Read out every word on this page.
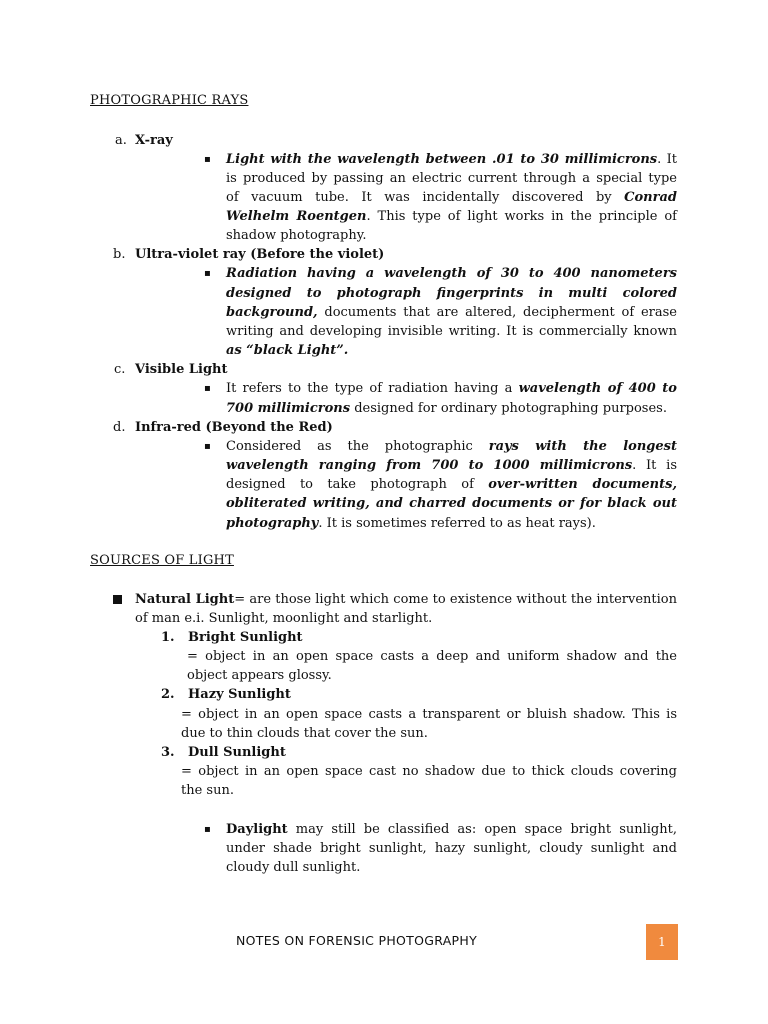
PHOTOGRAPHIC RAYS
a. X-ray
▪ Light with the wavelength between .01 to 30 millimicrons. It
is produced by passing an electric current through a special type
of vacuum tube. It was incidentally discovered by Conrad
Welhelm Roentgen. This type of light works in the principle of
shadow photography.
b. Ultra-violet ray (Before the violet)
▪ Radiation having a wavelength of 30 to 400 nanometers
designed to photograph fingerprints in multi colored
background, documents that are altered, decipherment of erase
writing and developing invisible writing. It is commercially known
as “black Light”.
c. Visible Light
▪ It refers to the type of radiation having a wavelength of 400 to
700 millimicrons designed for ordinary photographing purposes.
d. Infra-red (Beyond the Red)
▪ Considered as the photographic rays with the longest
wavelength ranging from 700 to 1000 millimicrons. It is
designed to take photograph of over-written documents,
obliterated writing, and charred documents or for black out
photography. It is sometimes referred to as heat rays).
SOURCES OF LIGHT
Natural Light= are those light which come to existence without the intervention
of man e.i. Sunlight, moonlight and starlight.
1. Bright Sunlight
= object in an open space casts a deep and uniform shadow and the
object appears glossy.
2. Hazy Sunlight
= object in an open space casts a transparent or bluish shadow. This is
due to thin clouds that cover the sun.
3. Dull Sunlight
= object in an open space cast no shadow due to thick clouds covering
the sun.
▪ Daylight may still be classified as: open space bright sunlight,
under shade bright sunlight, hazy sunlight, cloudy sunlight and
cloudy dull sunlight.
NOTES ON FORENSIC PHOTOGRAPHY	1
